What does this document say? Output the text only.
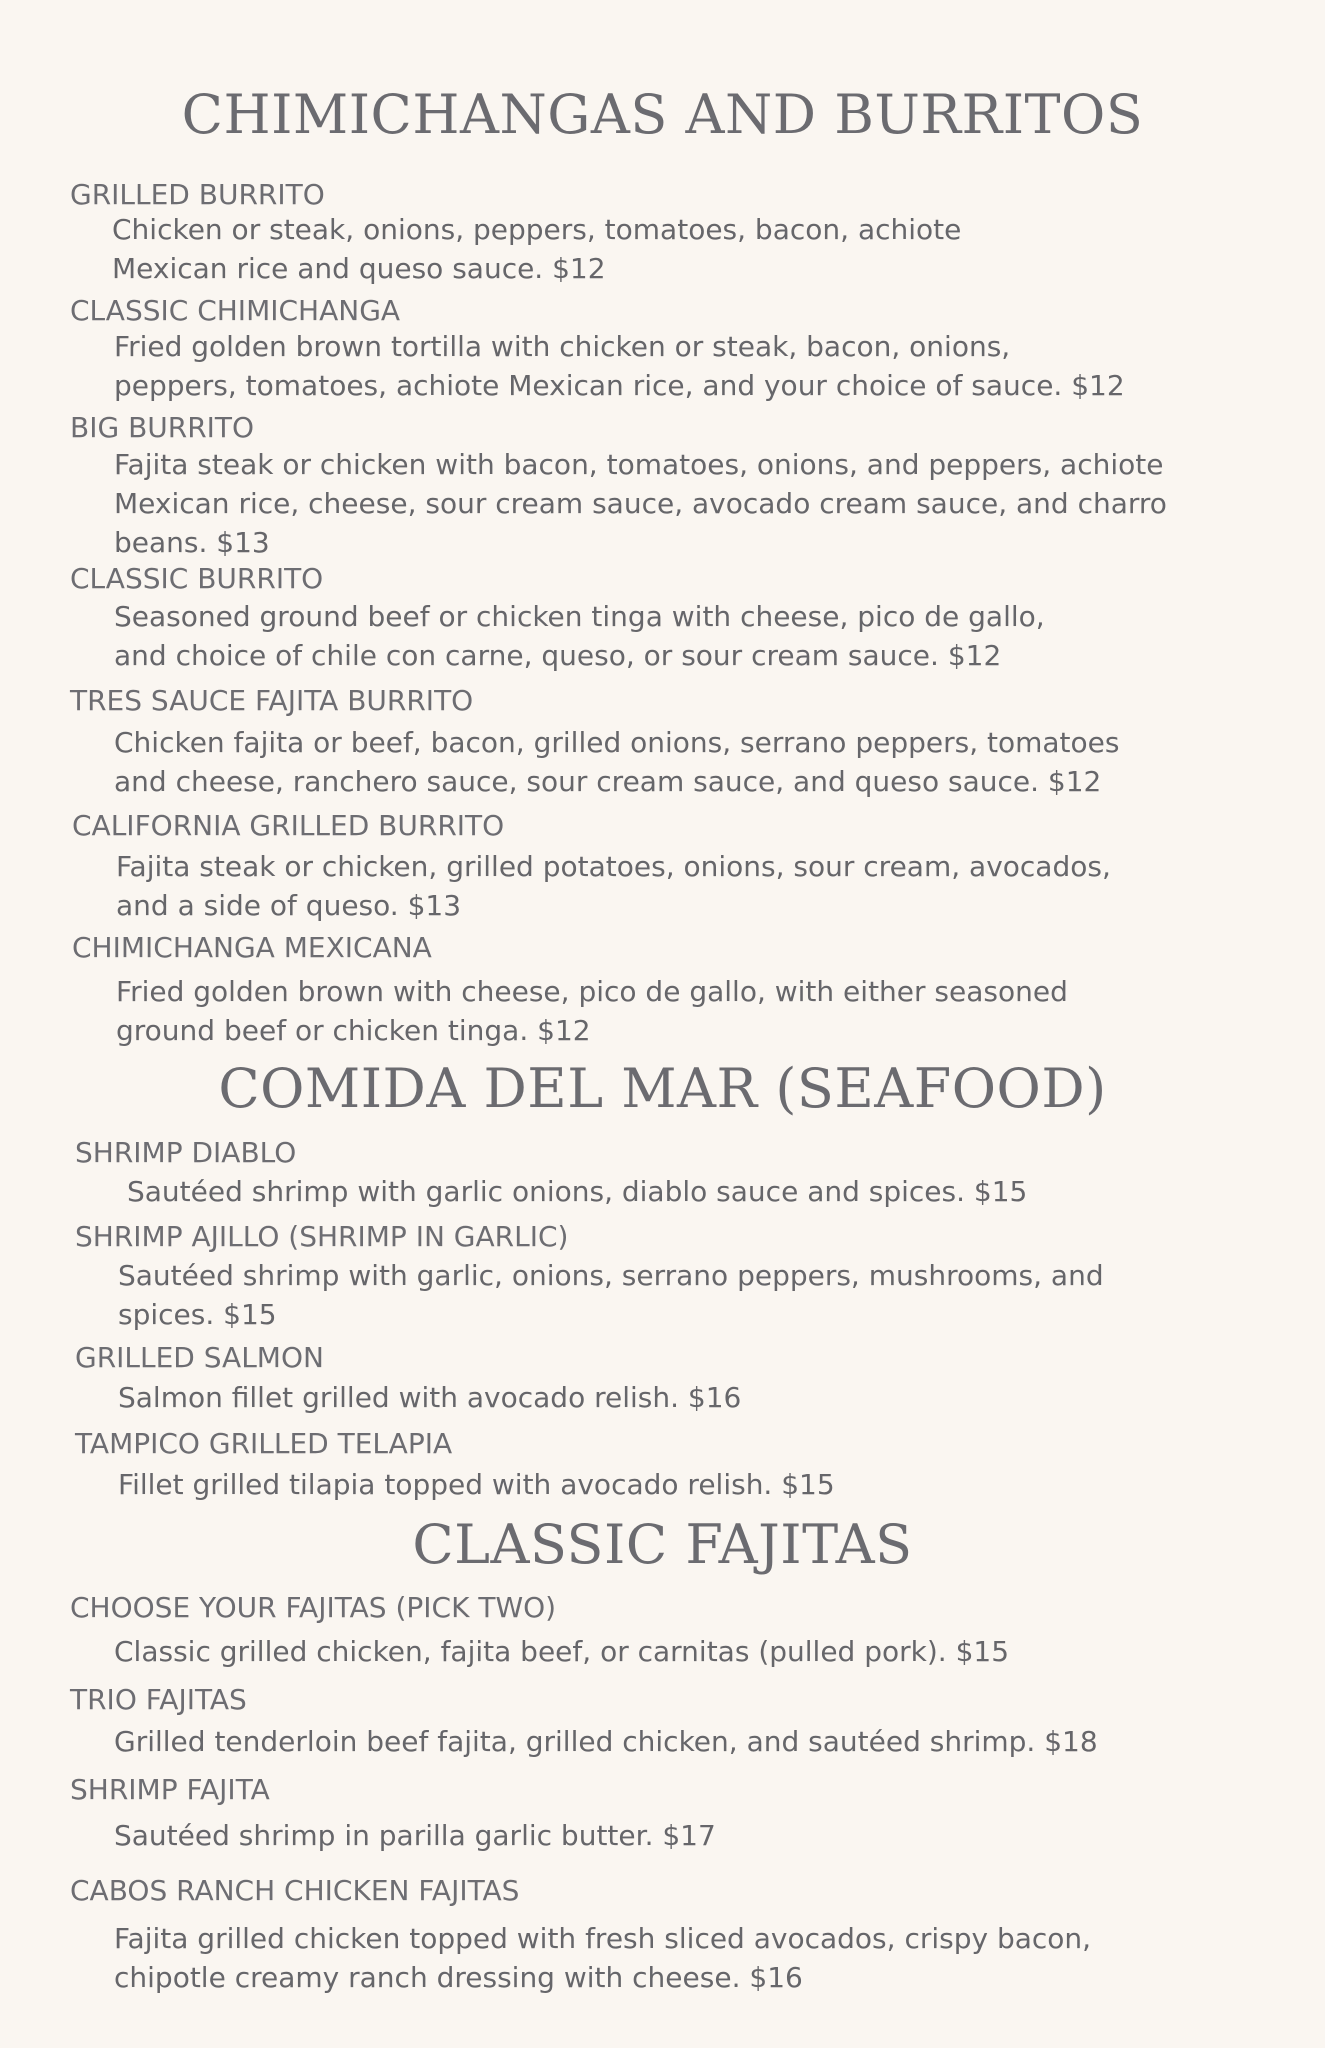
CHIMICHANGAS AND BURRITOS
GRILLED BURRITO
Chicken or steak, onions, peppers, tomatoes, bacon, achiote
Mexican rice and queso sauce. $12
CLASSIC CHIMICHANGA
Fried golden brown tortilla with chicken or steak, bacon, onions,
peppers, tomatoes, achiote Mexican rice, and your choice of sauce. $12
BIG BURRITO
Fajita steak or chicken with bacon, tomatoes, onions, and peppers, achiote
Mexican rice, cheese, sour cream sauce, avocado cream sauce, and charro
beans. $13
CLASSIC BURRITO
Seasoned ground beef or chicken tinga with cheese, pico de gallo,
and choice of chile con carne, queso, or sour cream sauce. $12
TRES SAUCE FAJITA BURRITO
Chicken fajita or beef, bacon, grilled onions, serrano peppers, tomatoes
and cheese, ranchero sauce, sour cream sauce, and queso sauce. $12
CALIFORNIA GRILLED BURRITO
Fajita steak or chicken, grilled potatoes, onions, sour cream, avocados,
and a side of queso. $13
CHIMICHANGA MEXICANA
Fried golden brown with cheese, pico de gallo, with either seasoned
ground beef or chicken tinga. $12
COMIDA DEL MAR (SEAFOOD)
SHRIMP DIABLO
Sautéed shrimp with garlic onions, diablo sauce and spices. $15
SHRIMP AJILLO (SHRIMP IN GARLIC)
Sautéed shrimp with garlic, onions, serrano peppers, mushrooms, and
spices. $15
GRILLED SALMON
Salmon fillet grilled with avocado relish. $16
TAMPICO GRILLED TELAPIA
Fillet grilled tilapia topped with avocado relish. $15
CLASSIC FAJITAS
CHOOSE YOUR FAJITAS (PICK TWO)
Classic grilled chicken, fajita beef, or carnitas (pulled pork). $15
TRIO FAJITAS
Grilled tenderloin beef fajita, grilled chicken, and sautéed shrimp. $18
SHRIMP FAJITA
Sautéed shrimp in parilla garlic butter. $17
CABOS RANCH CHICKEN FAJITAS
Fajita grilled chicken topped with fresh sliced avocados, crispy bacon,
chipotle creamy ranch dressing with cheese. $16
